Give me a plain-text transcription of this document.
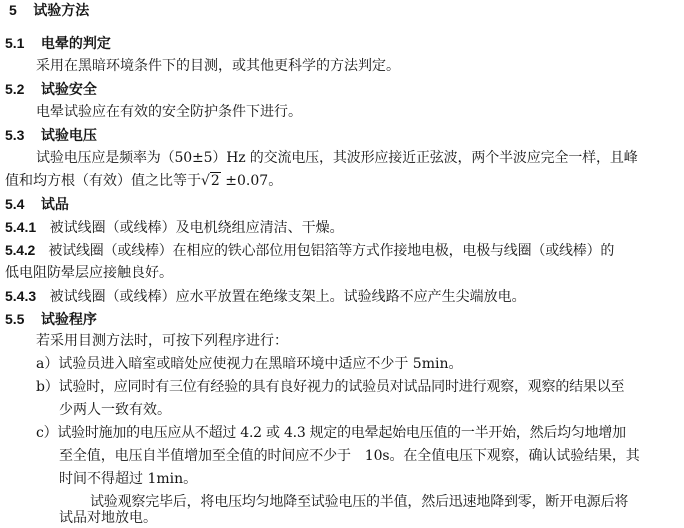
5 试验方法
5.1 电晕的判定
采用在黑暗环境条件下的目测，或其他更科学的方法判定。
5.2 试验安全
电晕试验应在有效的安全防护条件下进行。
5.3 试验电压
试验电压应是频率为（50±5）Hz 的交流电压，其波形应接近正弦波，两个半波应完全一样，且峰
值和均方根（有效）值之比等于√2 ±0.07。
5.4 试品
5.4.1 被试线圈（或线棒）及电机绕组应清洁、干燥。
5.4.2 被试线圈（或线棒）在相应的铁心部位用包铝箔等方式作接地电极，电极与线圈（或线棒）的
低电阻防晕层应接触良好。
5.4.3 被试线圈（或线棒）应水平放置在绝缘支架上。试验线路不应产生尖端放电。
5.5 试验程序
若采用目测方法时，可按下列程序进行：
a）试验员进入暗室或暗处应使视力在黑暗环境中适应不少于 5min。
b）试验时，应同时有三位有经验的具有良好视力的试验员对试品同时进行观察，观察的结果以至
少两人一致有效。
c）试验时施加的电压应从不超过 4.2 或 4.3 规定的电晕起始电压值的一半开始，然后均匀地增加
至全值，电压自半值增加至全值的时间应不少于　10s。在全值电压下观察，确认试验结果，其
时间不得超过 1min。
试验观察完毕后，将电压均匀地降至试验电压的半值，然后迅速地降到零，断开电源后将
试品对地放电。
